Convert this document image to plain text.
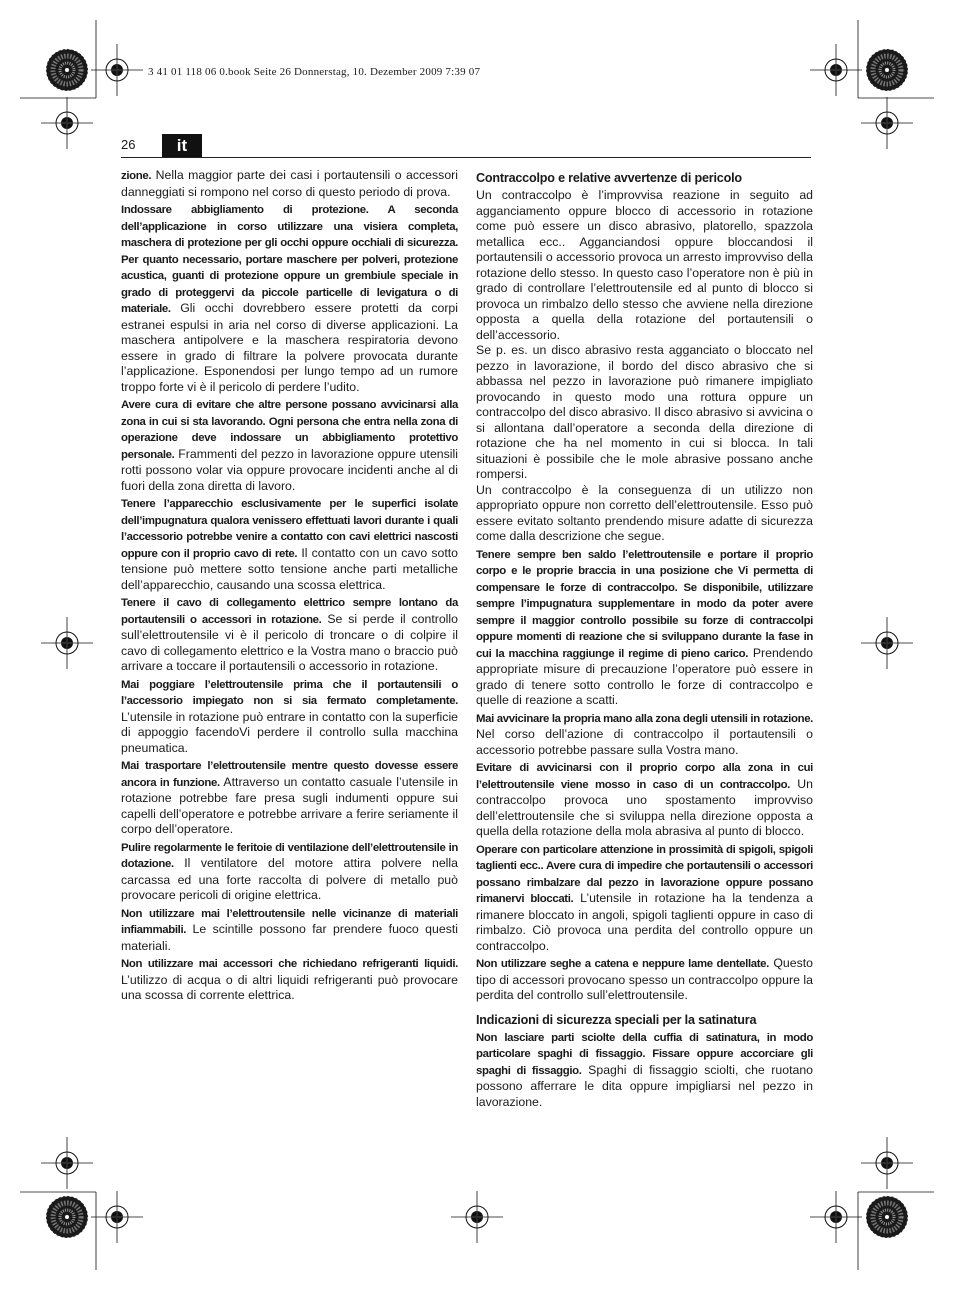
3 41 01 118 06 0.book Seite 26 Donnerstag, 10. Dezember 2009 7:39 07
26	it

zione. Nella maggior parte dei casi i portautensili o accessori danneggiati si rompono nel corso di questo periodo di prova.

Indossare abbigliamento di protezione. A seconda dell’applicazione in corso utilizzare una visiera completa, maschera di protezione per gli occhi oppure occhiali di sicurezza. Per quanto necessario, portare maschere per polveri, protezione acustica, guanti di protezione oppure un grembiule speciale in grado di proteggervi da piccole particelle di levigatura o di materiale. Gli occhi dovrebbero essere protetti da corpi estranei espulsi in aria nel corso di diverse applicazioni. La maschera antipolvere e la maschera respiratoria devono essere in grado di filtrare la polvere provocata durante l’applicazione. Esponendosi per lungo tempo ad un rumore troppo forte vi è il pericolo di perdere l’udito.

Avere cura di evitare che altre persone possano avvicinarsi alla zona in cui si sta lavorando. Ogni persona che entra nella zona di operazione deve indossare un abbigliamento protettivo personale. Frammenti del pezzo in lavorazione oppure utensili rotti possono volar via oppure provocare incidenti anche al di fuori della zona diretta di lavoro.

Tenere l’apparecchio esclusivamente per le superfici isolate dell’impugnatura qualora venissero effettuati lavori durante i quali l’accessorio potrebbe venire a contatto con cavi elettrici nascosti oppure con il proprio cavo di rete. Il contatto con un cavo sotto tensione può mettere sotto tensione anche parti metalliche dell’apparecchio, causando una scossa elettrica.

Tenere il cavo di collegamento elettrico sempre lontano da portautensili o accessori in rotazione. Se si perde il controllo sull’elettroutensile vi è il pericolo di troncare o di colpire il cavo di collegamento elettrico e la Vostra mano o braccio può arrivare a toccare il portautensili o accessorio in rotazione.

Mai poggiare l’elettroutensile prima che il portautensili o l’accessorio impiegato non si sia fermato completamente. L’utensile in rotazione può entrare in contatto con la superficie di appoggio facendoVi perdere il controllo sulla macchina pneumatica.

Mai trasportare l’elettroutensile mentre questo dovesse essere ancora in funzione. Attraverso un contatto casuale l’utensile in rotazione potrebbe fare presa sugli indumenti oppure sui capelli dell’operatore e potrebbe arrivare a ferire seriamente il corpo dell’operatore.

Pulire regolarmente le feritoie di ventilazione dell’elettroutensile in dotazione. Il ventilatore del motore attira polvere nella carcassa ed una forte raccolta di polvere di metallo può provocare pericoli di origine elettrica.

Non utilizzare mai l’elettroutensile nelle vicinanze di materiali infiammabili. Le scintille possono far prendere fuoco questi materiali.

Non utilizzare mai accessori che richiedano refrigeranti liquidi. L’utilizzo di acqua o di altri liquidi refrigeranti può provocare una scossa di corrente elettrica.

Contraccolpo e relative avvertenze di pericolo

Un contraccolpo è l’improvvisa reazione in seguito ad agganciamento oppure blocco di accessorio in rotazione come può essere un disco abrasivo, platorello, spazzola metallica ecc.. Agganciandosi oppure bloccandosi il portautensili o accessorio provoca un arresto improvviso della rotazione dello stesso. In questo caso l’operatore non è più in grado di controllare l’elettroutensile ed al punto di blocco si provoca un rimbalzo dello stesso che avviene nella direzione opposta a quella della rotazione del portautensili o dell’accessorio.

Se p. es. un disco abrasivo resta agganciato o bloccato nel pezzo in lavorazione, il bordo del disco abrasivo che si abbassa nel pezzo in lavorazione può rimanere impigliato provocando in questo modo una rottura oppure un contraccolpo del disco abrasivo. Il disco abrasivo si avvicina o si allontana dall’operatore a seconda della direzione di rotazione che ha nel momento in cui si blocca. In tali situazioni è possibile che le mole abrasive possano anche rompersi.

Un contraccolpo è la conseguenza di un utilizzo non appropriato oppure non corretto dell’elettroutensile. Esso può essere evitato soltanto prendendo misure adatte di sicurezza come dalla descrizione che segue.

Tenere sempre ben saldo l’elettroutensile e portare il proprio corpo e le proprie braccia in una posizione che Vi permetta di compensare le forze di contraccolpo. Se disponibile, utilizzare sempre l’impugnatura supplementare in modo da poter avere sempre il maggior controllo possibile su forze di contraccolpi oppure momenti di reazione che si sviluppano durante la fase in cui la macchina raggiunge il regime di pieno carico. Prendendo appropriate misure di precauzione l’operatore può essere in grado di tenere sotto controllo le forze di contraccolpo e quelle di reazione a scatti.

Mai avvicinare la propria mano alla zona degli utensili in rotazione. Nel corso dell’azione di contraccolpo il portautensili o accessorio potrebbe passare sulla Vostra mano.

Evitare di avvicinarsi con il proprio corpo alla zona in cui l’elettroutensile viene mosso in caso di un contraccolpo. Un contraccolpo provoca uno spostamento improvviso dell’elettroutensile che si sviluppa nella direzione opposta a quella della rotazione della mola abrasiva al punto di blocco.

Operare con particolare attenzione in prossimità di spigoli, spigoli taglienti ecc.. Avere cura di impedire che portautensili o accessori possano rimbalzare dal pezzo in lavorazione oppure possano rimanervi bloccati. L’utensile in rotazione ha la tendenza a rimanere bloccato in angoli, spigoli taglienti oppure in caso di rimbalzo. Ciò provoca una perdita del controllo oppure un contraccolpo.

Non utilizzare seghe a catena e neppure lame dentellate. Questo tipo di accessori provocano spesso un contraccolpo oppure la perdita del controllo sull’elettroutensile.

Indicazioni di sicurezza speciali per la satinatura

Non lasciare parti sciolte della cuffia di satinatura, in modo particolare spaghi di fissaggio. Fissare oppure accorciare gli spaghi di fissaggio. Spaghi di fissaggio sciolti, che ruotano possono afferrare le dita oppure impigliarsi nel pezzo in lavorazione.
